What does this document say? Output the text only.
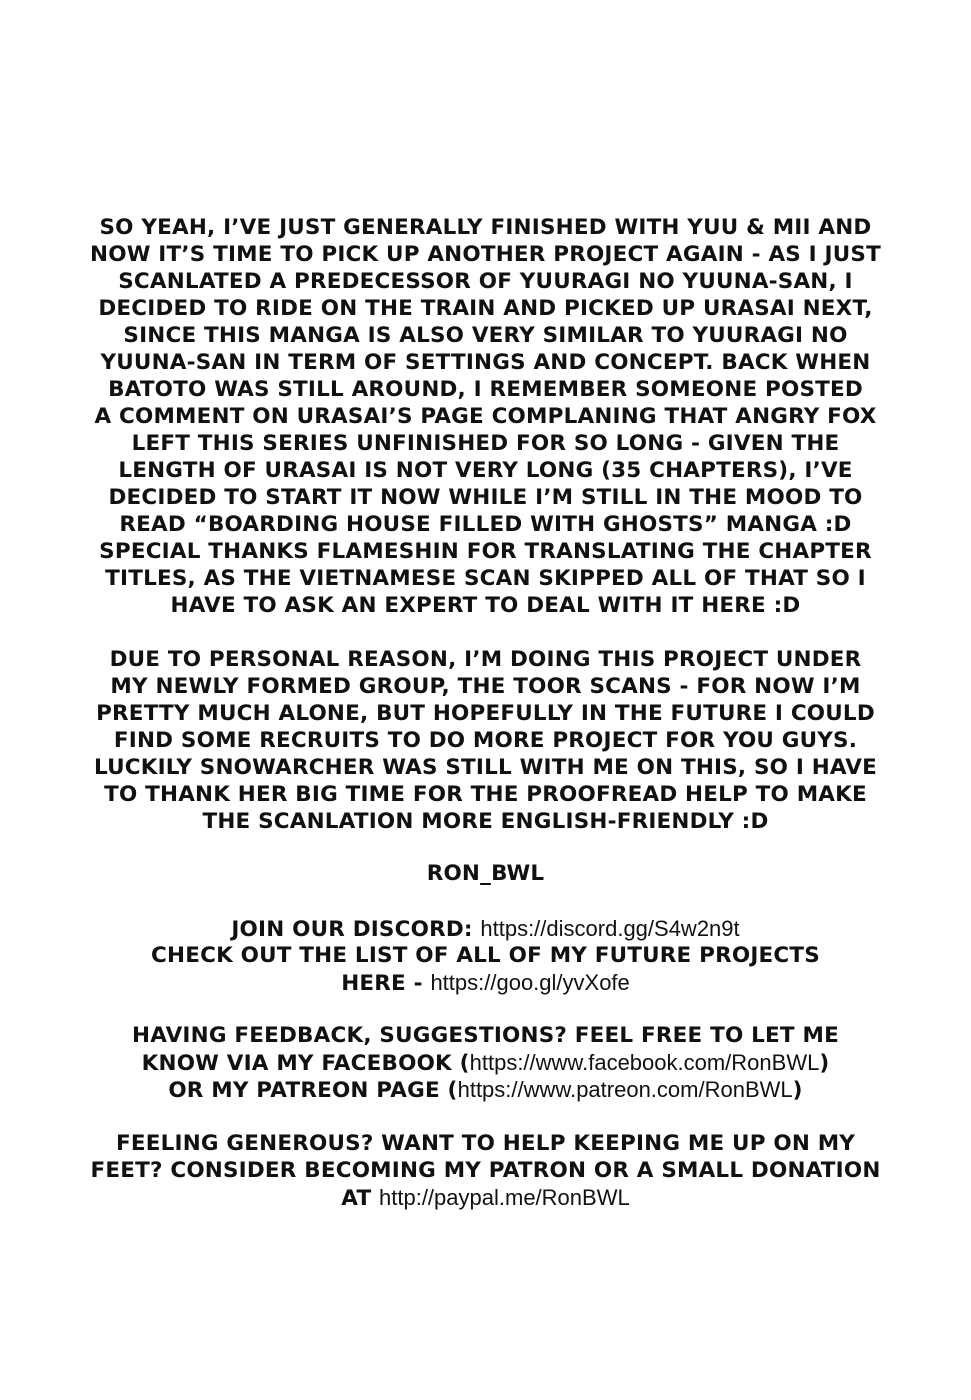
SO YEAH, I’VE JUST GENERALLY FINISHED WITH YUU & MII AND
NOW IT’S TIME TO PICK UP ANOTHER PROJECT AGAIN - AS I JUST
SCANLATED A PREDECESSOR OF YUURAGI NO YUUNA-SAN, I
DECIDED TO RIDE ON THE TRAIN AND PICKED UP URASAI NEXT,
SINCE THIS MANGA IS ALSO VERY SIMILAR TO YUURAGI NO
YUUNA-SAN IN TERM OF SETTINGS AND CONCEPT. BACK WHEN
BATOTO WAS STILL AROUND, I REMEMBER SOMEONE POSTED
A COMMENT ON URASAI’S PAGE COMPLANING THAT ANGRY FOX
LEFT THIS SERIES UNFINISHED FOR SO LONG - GIVEN THE
LENGTH OF URASAI IS NOT VERY LONG (35 CHAPTERS), I’VE
DECIDED TO START IT NOW WHILE I’M STILL IN THE MOOD TO
READ “BOARDING HOUSE FILLED WITH GHOSTS” MANGA :D
SPECIAL THANKS FLAMESHIN FOR TRANSLATING THE CHAPTER
TITLES, AS THE VIETNAMESE SCAN SKIPPED ALL OF THAT SO I
HAVE TO ASK AN EXPERT TO DEAL WITH IT HERE :D
DUE TO PERSONAL REASON, I’M DOING THIS PROJECT UNDER
MY NEWLY FORMED GROUP, THE TOOR SCANS - FOR NOW I’M
PRETTY MUCH ALONE, BUT HOPEFULLY IN THE FUTURE I COULD
FIND SOME RECRUITS TO DO MORE PROJECT FOR YOU GUYS.
LUCKILY SNOWARCHER WAS STILL WITH ME ON THIS, SO I HAVE
TO THANK HER BIG TIME FOR THE PROOFREAD HELP TO MAKE
THE SCANLATION MORE ENGLISH-FRIENDLY :D
RON_BWL
JOIN OUR DISCORD: https://discord.gg/S4w2n9t
CHECK OUT THE LIST OF ALL OF MY FUTURE PROJECTS
HERE - https://goo.gl/yvXofe
HAVING FEEDBACK, SUGGESTIONS? FEEL FREE TO LET ME
KNOW VIA MY FACEBOOK (https://www.facebook.com/RonBWL)
OR MY PATREON PAGE (https://www.patreon.com/RonBWL)
FEELING GENEROUS? WANT TO HELP KEEPING ME UP ON MY
FEET? CONSIDER BECOMING MY PATRON OR A SMALL DONATION
AT http://paypal.me/RonBWL
